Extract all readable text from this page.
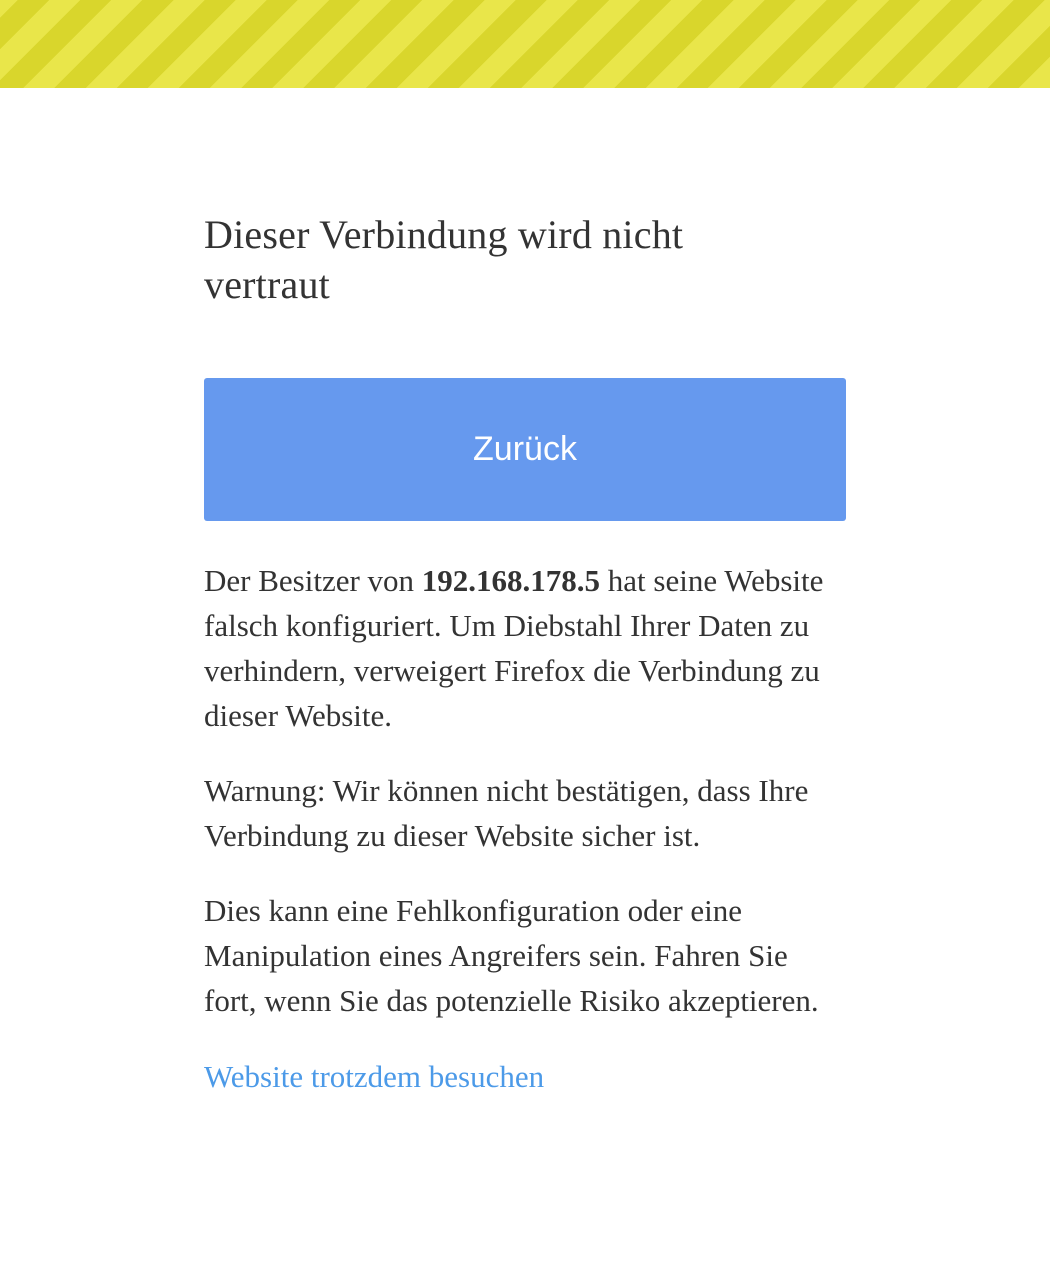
Dieser Verbindung wird nicht vertraut
Zurück

Der Besitzer von 192.168.178.5 hat seine Website falsch konfiguriert. Um Diebstahl Ihrer Daten zu verhindern, verweigert Firefox die Verbindung zu dieser Website.

Warnung: Wir können nicht bestätigen, dass Ihre Verbindung zu dieser Website sicher ist.

Dies kann eine Fehlkonfiguration oder eine Manipulation eines Angreifers sein. Fahren Sie fort, wenn Sie das potenzielle Risiko akzeptieren.

Website trotzdem besuchen
